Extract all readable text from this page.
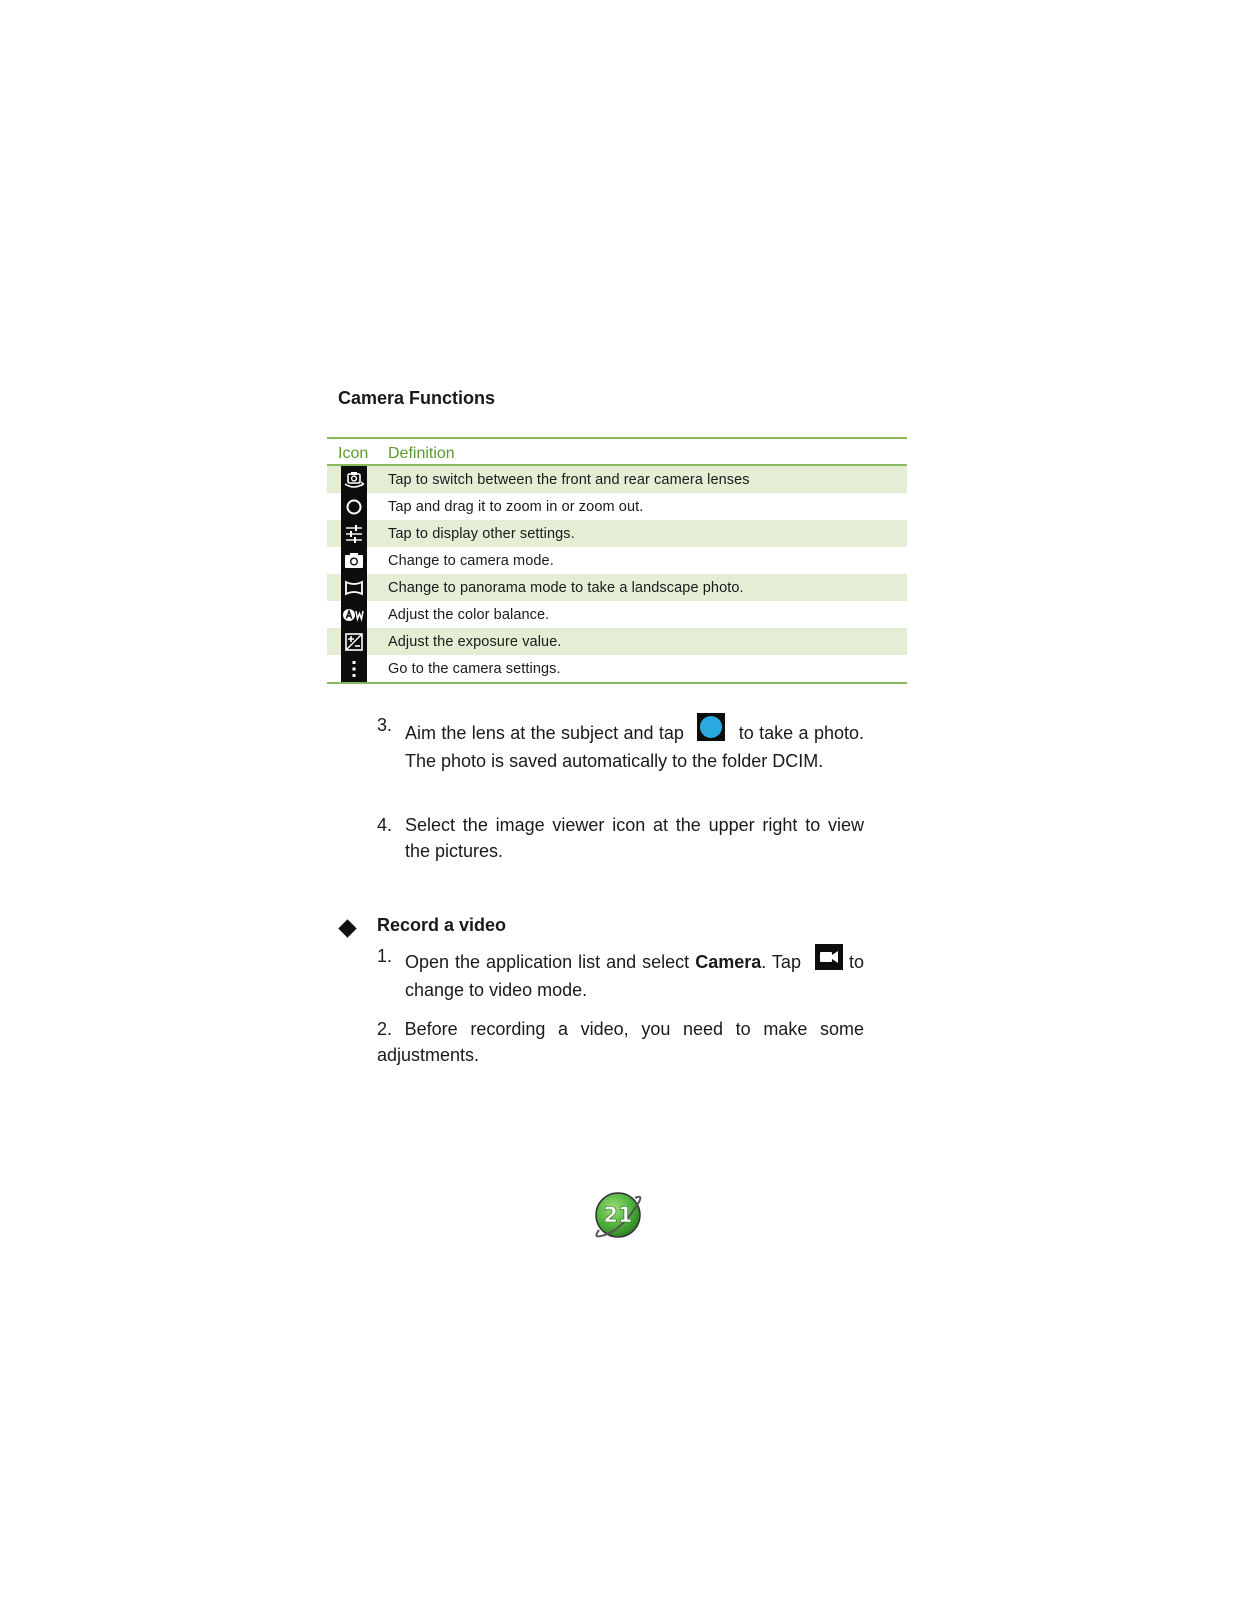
Camera Functions
Icon	Definition
Tap to switch between the front and rear camera lenses
Tap and drag it to zoom in or zoom out.
Tap to display other settings.
Change to camera mode.
Change to panorama mode to take a landscape photo.
Adjust the color balance.
Adjust the exposure value.
Go to the camera settings.
3. Aim the lens at the subject and tap	to take a photo. The photo is saved automatically to the folder DCIM.
4. Select the image viewer icon at the upper right to view the pictures.
Record a video
1. Open the application list and select Camera. Tap	to change to video mode.
2. Before recording a video, you need to make some adjustments.
21
